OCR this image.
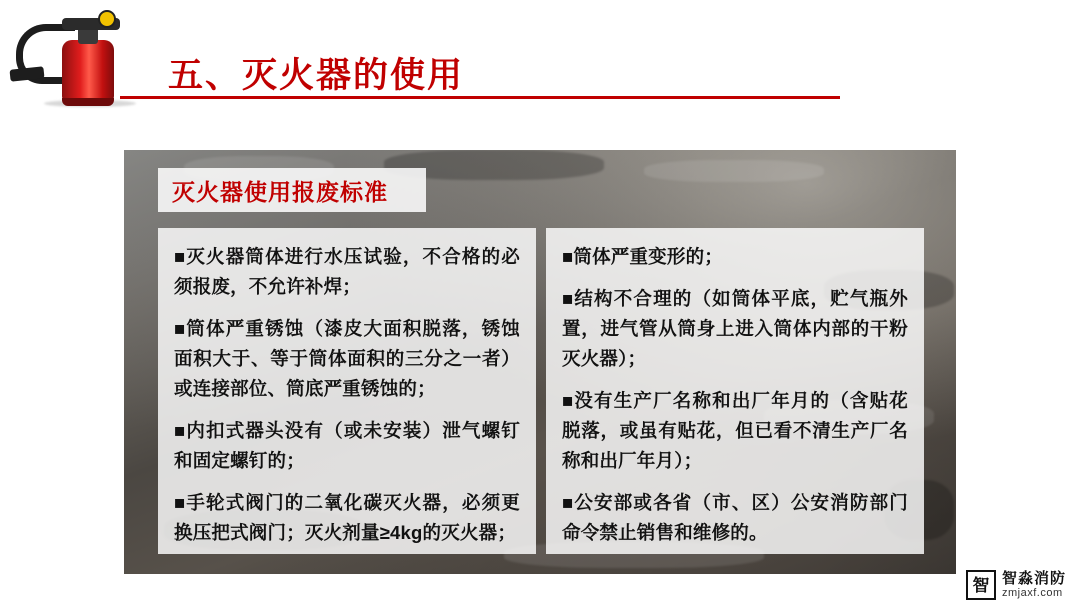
五、灭火器的使用
灭火器使用报废标准

■灭火器筒体进行水压试验，不合格的必须报废，不允许补焊；

■筒体严重锈蚀（漆皮大面积脱落，锈蚀面积大于、等于筒体面积的三分之一者）或连接部位、筒底严重锈蚀的；

■内扣式器头没有（或未安装）泄气螺钉和固定螺钉的；

■手轮式阀门的二氧化碳灭火器，必须更换压把式阀门；灭火剂量≥4kg的灭火器；

■筒体严重变形的；

■结构不合理的（如筒体平底，贮气瓶外置，进气管从筒身上进入筒体内部的干粉灭火器）；

■没有生产厂名称和出厂年月的（含贴花脱落，或虽有贴花，但已看不清生产厂名称和出厂年月）；

■公安部或各省（市、区）公安消防部门命令禁止销售和维修的。

智 智淼消防
zmjaxf.com
